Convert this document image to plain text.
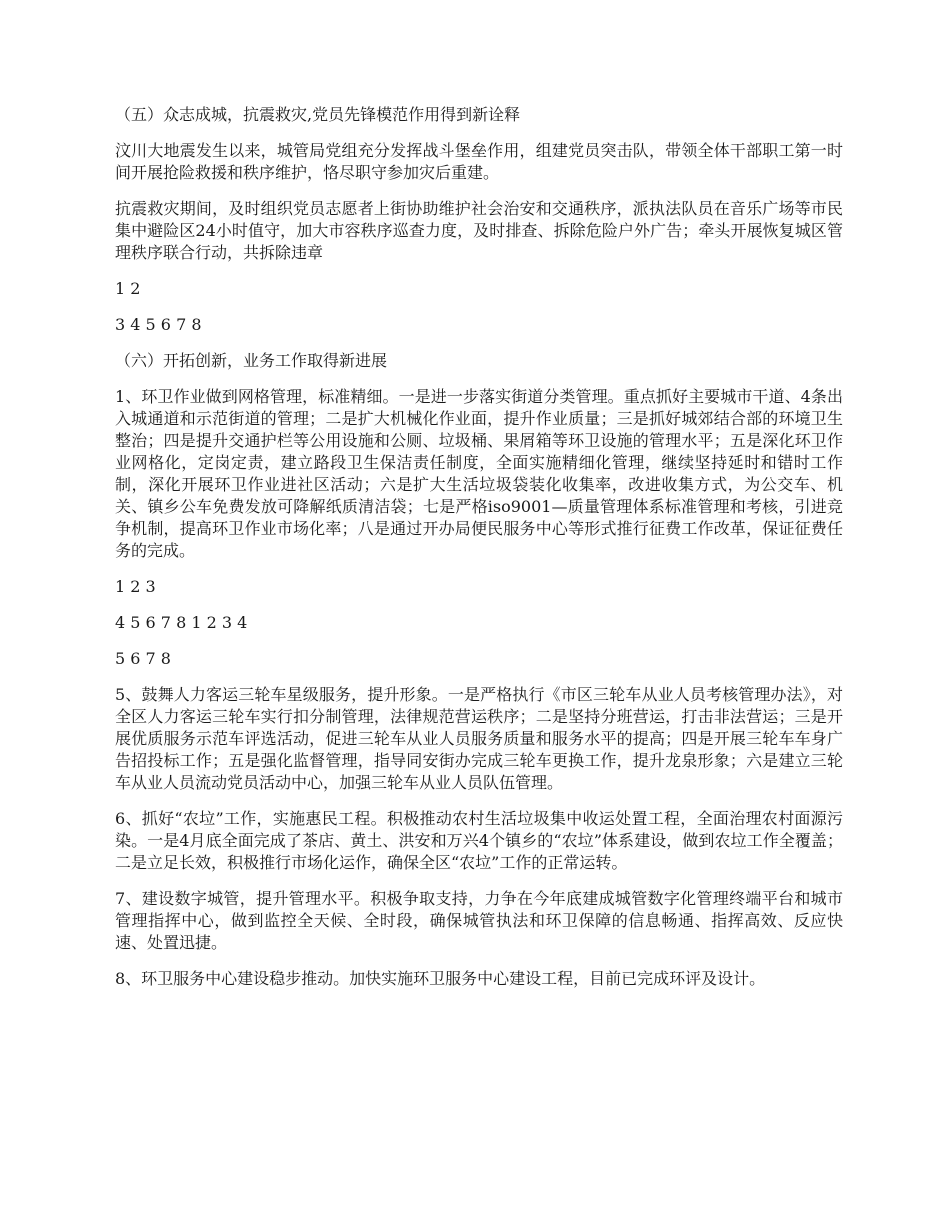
（五）众志成城，抗震救灾,党员先锋模范作用得到新诠释

汶川大地震发生以来，城管局党组充分发挥战斗堡垒作用，组建党员突击队，带领全体干部职工第一时间开展抢险救援和秩序维护，恪尽职守参加灾后重建。

抗震救灾期间，及时组织党员志愿者上街协助维护社会治安和交通秩序，派执法队员在音乐广场等市民集中避险区24小时值守，加大市容秩序巡查力度，及时排查、拆除危险户外广告；牵头开展恢复城区管理秩序联合行动，共拆除违章

1 2

3 4 5 6 7 8

（六）开拓创新，业务工作取得新进展

1、环卫作业做到网格管理，标准精细。一是进一步落实街道分类管理。重点抓好主要城市干道、4条出入城通道和示范街道的管理；二是扩大机械化作业面，提升作业质量；三是抓好城郊结合部的环境卫生整治；四是提升交通护栏等公用设施和公厕、垃圾桶、果屑箱等环卫设施的管理水平；五是深化环卫作业网格化，定岗定责，建立路段卫生保洁责任制度，全面实施精细化管理，继续坚持延时和错时工作制，深化开展环卫作业进社区活动；六是扩大生活垃圾袋装化收集率，改进收集方式，为公交车、机关、镇乡公车免费发放可降解纸质清洁袋；七是严格iso9001—质量管理体系标准管理和考核，引进竞争机制，提高环卫作业市场化率；八是通过开办局便民服务中心等形式推行征费工作改革，保证征费任务的完成。

1 2 3

4 5 6 7 8 1 2 3 4

5 6 7 8

5、鼓舞人力客运三轮车星级服务，提升形象。一是严格执行《市区三轮车从业人员考核管理办法》，对全区人力客运三轮车实行扣分制管理，法律规范营运秩序；二是坚持分班营运，打击非法营运；三是开展优质服务示范车评选活动，促进三轮车从业人员服务质量和服务水平的提高；四是开展三轮车车身广告招投标工作；五是强化监督管理，指导同安街办完成三轮车更换工作，提升龙泉形象；六是建立三轮车从业人员流动党员活动中心，加强三轮车从业人员队伍管理。

6、抓好“农垃”工作，实施惠民工程。积极推动农村生活垃圾集中收运处置工程，全面治理农村面源污染。一是4月底全面完成了茶店、黄土、洪安和万兴4个镇乡的“农垃”体系建设，做到农垃工作全覆盖；二是立足长效，积极推行市场化运作，确保全区“农垃”工作的正常运转。

7、建设数字城管，提升管理水平。积极争取支持，力争在今年底建成城管数字化管理终端平台和城市管理指挥中心，做到监控全天候、全时段，确保城管执法和环卫保障的信息畅通、指挥高效、反应快速、处置迅捷。

8、环卫服务中心建设稳步推动。加快实施环卫服务中心建设工程，目前已完成环评及设计。
